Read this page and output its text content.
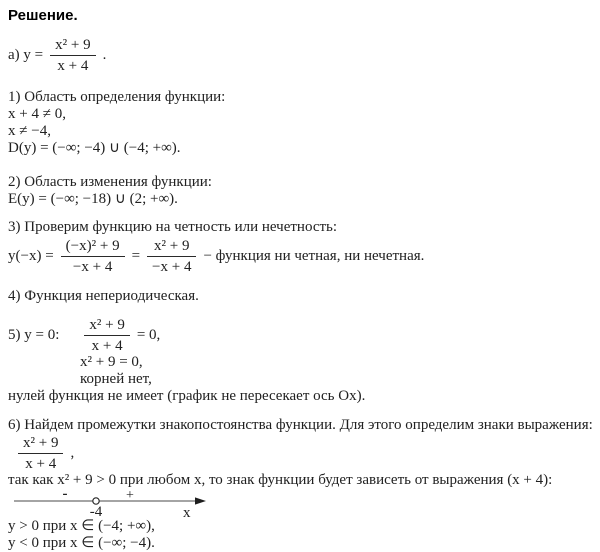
Решение.

а) $y = \frac{\text{x² + 9}}{x + 4}$ .

1) Область определения функции:

x + 4 ≠ 0,

x ≠ −4,

D(y) = (−∞; −4) ∪ (−4; +∞).

2) Область изменения функции:

E(y) = (−∞; −18) ∪ (2; +∞).

3) Проверим функцию на четность или нечетность:

$y(-x) = \frac{\text{(−x)² + 9}}{-x + 4} = \frac{\text{x² + 9}}{-x + 4}$ − функция ни четная, ни нечетная.

4) Функция непериодическая.

5) y = 0: $\frac{\text{x² + 9}}{x + 4} = 0$,

x² + 9 = 0,

корней нет,

нулей функция не имеет (график не пересекает ось Ox).

6) Найдем промежутки знакопостоянства функции. Для этого определим знаки выражения:

$\frac{\text{x² + 9}}{x + 4}$ ,

так как x² + 9 > 0 при любом x, то знак функции будет зависеть от выражения (x + 4):

-	+
-4	x

y > 0 при x ∈ (−4; +∞),

y < 0 при x ∈ (−∞; −4).
